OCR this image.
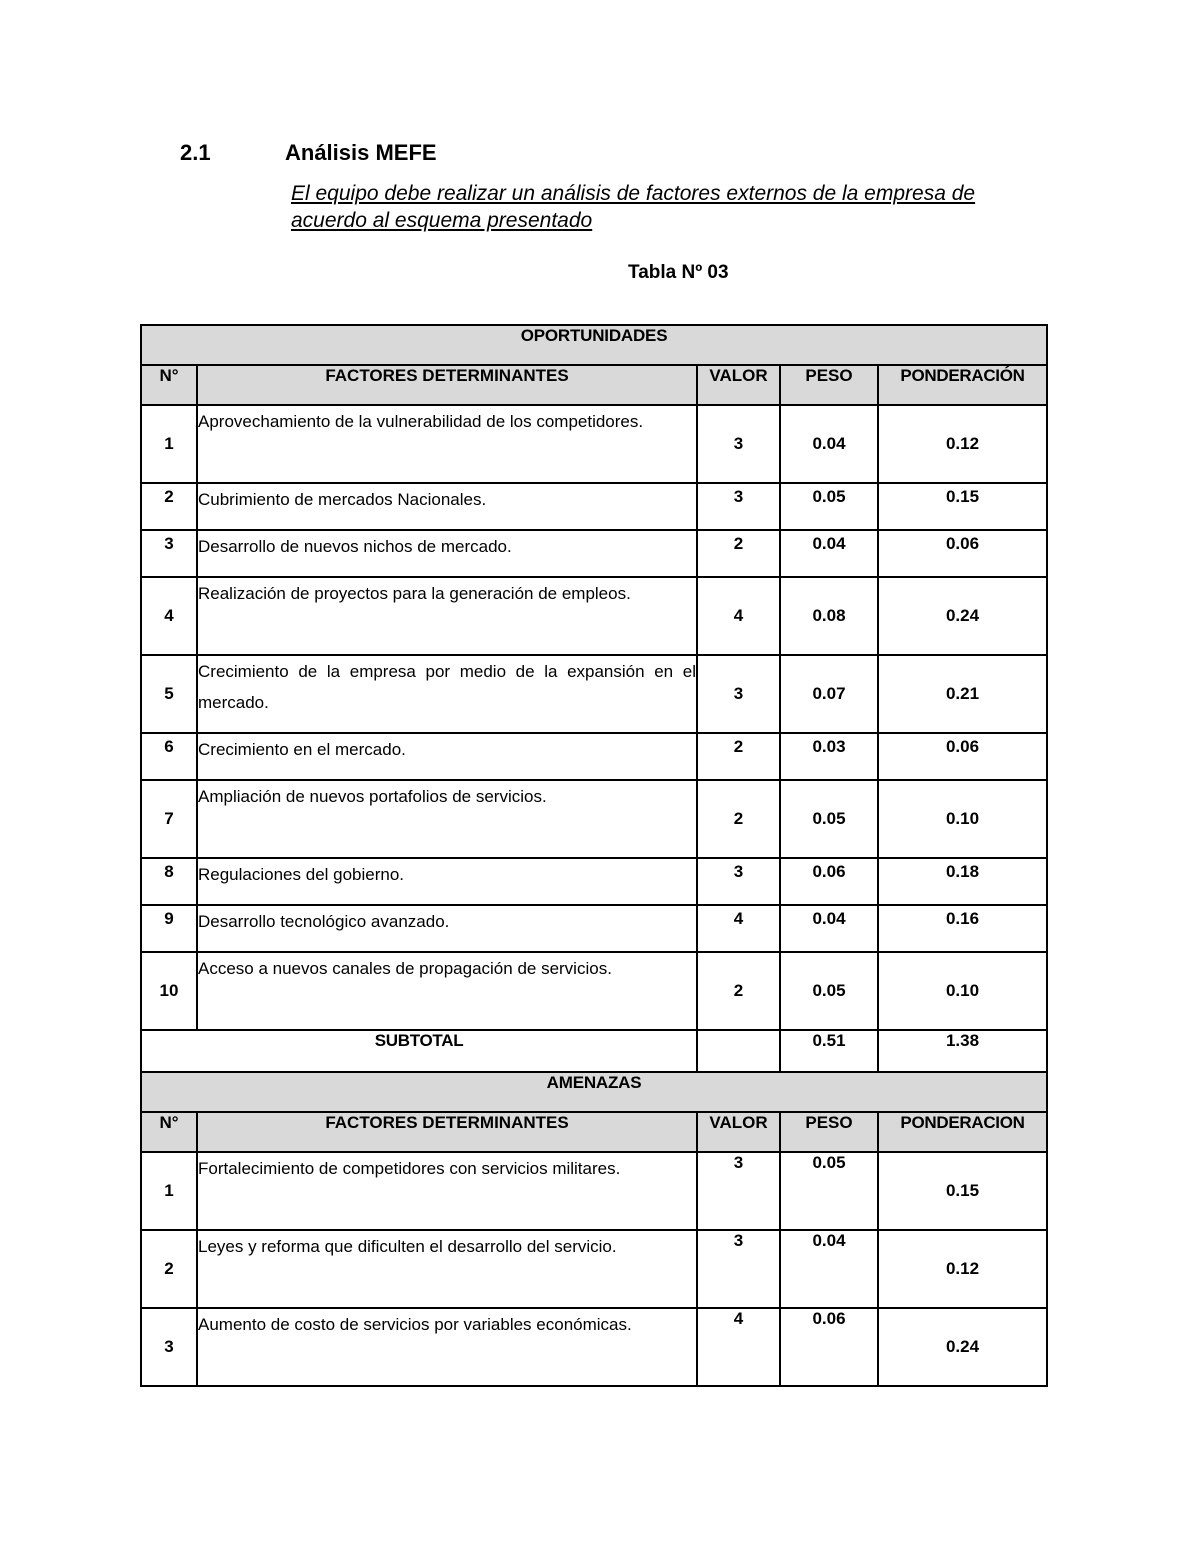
2.1	Análisis MEFE
El equipo debe realizar un análisis de factores externos de la empresa de acuerdo al esquema presentado
Tabla Nº 03
OPORTUNIDADES				
N°	FACTORES DETERMINANTES	VALOR	PESO	PONDERACIÓN
1	Aprovechamiento de la vulnerabilidad de los competidores.	3	0.04	0.12
2	Cubrimiento de mercados Nacionales.	3	0.05	0.15
3	Desarrollo de nuevos nichos de mercado.	2	0.04	0.06
4	Realización de proyectos para la generación de empleos.	4	0.08	0.24
5	Crecimiento de la empresa por medio de la expansión en el mercado.	3	0.07	0.21
6	Crecimiento en el mercado.	2	0.03	0.06
7	Ampliación de nuevos portafolios de servicios.	2	0.05	0.10
8	Regulaciones del gobierno.	3	0.06	0.18
9	Desarrollo tecnológico avanzado.	4	0.04	0.16
10	Acceso a nuevos canales de propagación de servicios.	2	0.05	0.10
SUBTOTAL			0.51	1.38
AMENAZAS				
N°	FACTORES DETERMINANTES	VALOR	PESO	PONDERACION
1	Fortalecimiento de competidores con servicios militares.	3	0.05	0.15
2	Leyes y reforma que dificulten el desarrollo del servicio.	3	0.04	0.12
3	Aumento de costo de servicios por variables económicas.	4	0.06	0.24
